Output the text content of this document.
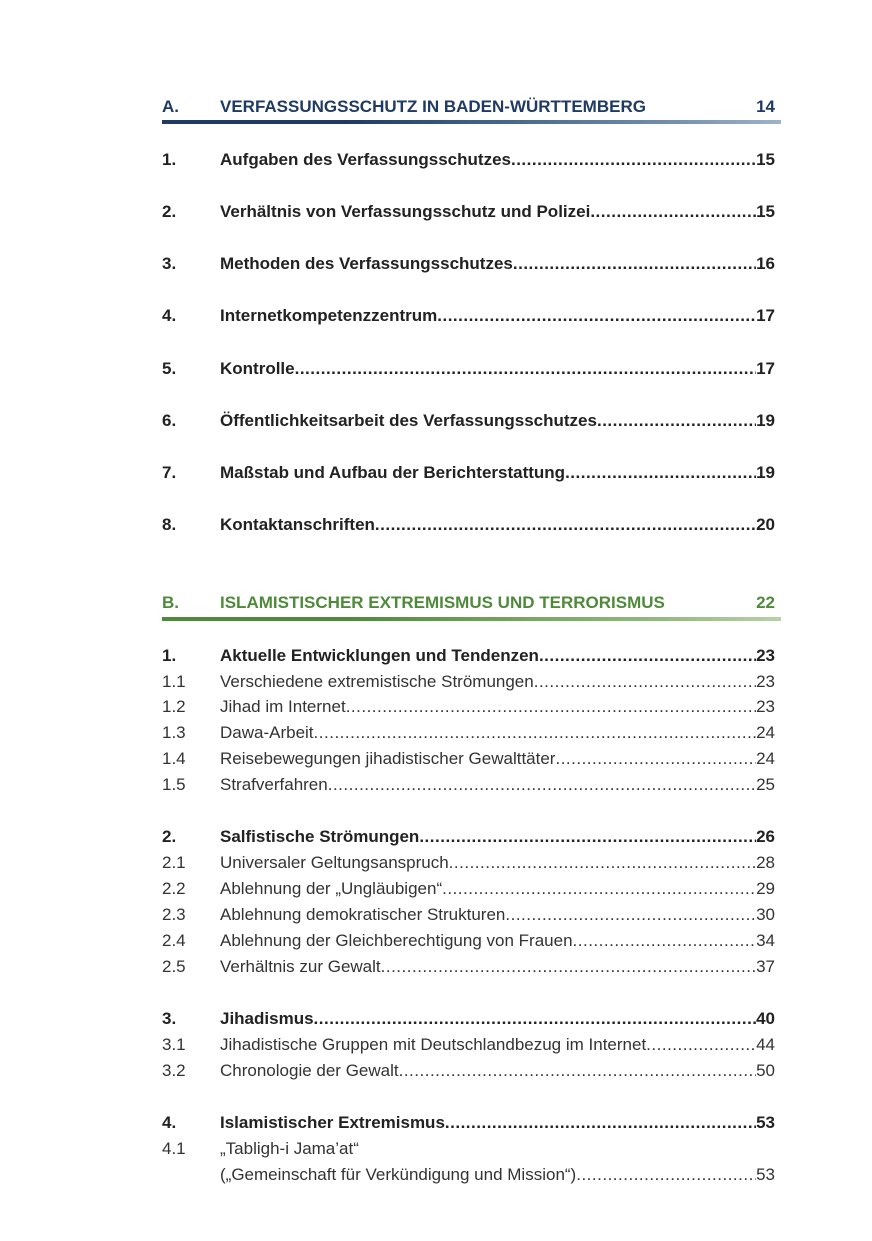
A.	VERFASSUNGSSCHUTZ IN BADEN-WÜRTTEMBERG	14
1.	Aufgaben des Verfassungsschutzes .....	15
2.	Verhältnis von Verfassungsschutz und Polizei .....	15
3.	Methoden des Verfassungsschutzes .....	16
4.	Internetkompetenzzentrum .....	17
5.	Kontrolle .....	17
6.	Öffentlichkeitsarbeit des Verfassungsschutzes .....	19
7.	Maßstab und Aufbau der Berichterstattung .....	19
8.	Kontaktanschriften .....	20
B.	ISLAMISTISCHER EXTREMISMUS UND TERRORISMUS	22
1.	Aktuelle Entwicklungen und Tendenzen .....	23
1.1	Verschiedene extremistische Strömungen .....	23
1.2	Jihad im Internet .....	23
1.3	Dawa-Arbeit .....	24
1.4	Reisebewegungen jihadistischer Gewalttäter .....	24
1.5	Strafverfahren .....	25
2.	Salfistische Strömungen .....	26
2.1	Universaler Geltungsanspruch .....	28
2.2	Ablehnung der „Ungläubigen“ .....	29
2.3	Ablehnung demokratischer Strukturen .....	30
2.4	Ablehnung der Gleichberechtigung von Frauen .....	34
2.5	Verhältnis zur Gewalt .....	37
3.	Jihadismus .....	40
3.1	Jihadistische Gruppen mit Deutschlandbezug im Internet .....	44
3.2	Chronologie der Gewalt .....	50
4.	Islamistischer Extremismus .....	53
4.1	„Tabligh-i Jama’at“
(„Gemeinschaft für Verkündigung und Mission“) .....	53
